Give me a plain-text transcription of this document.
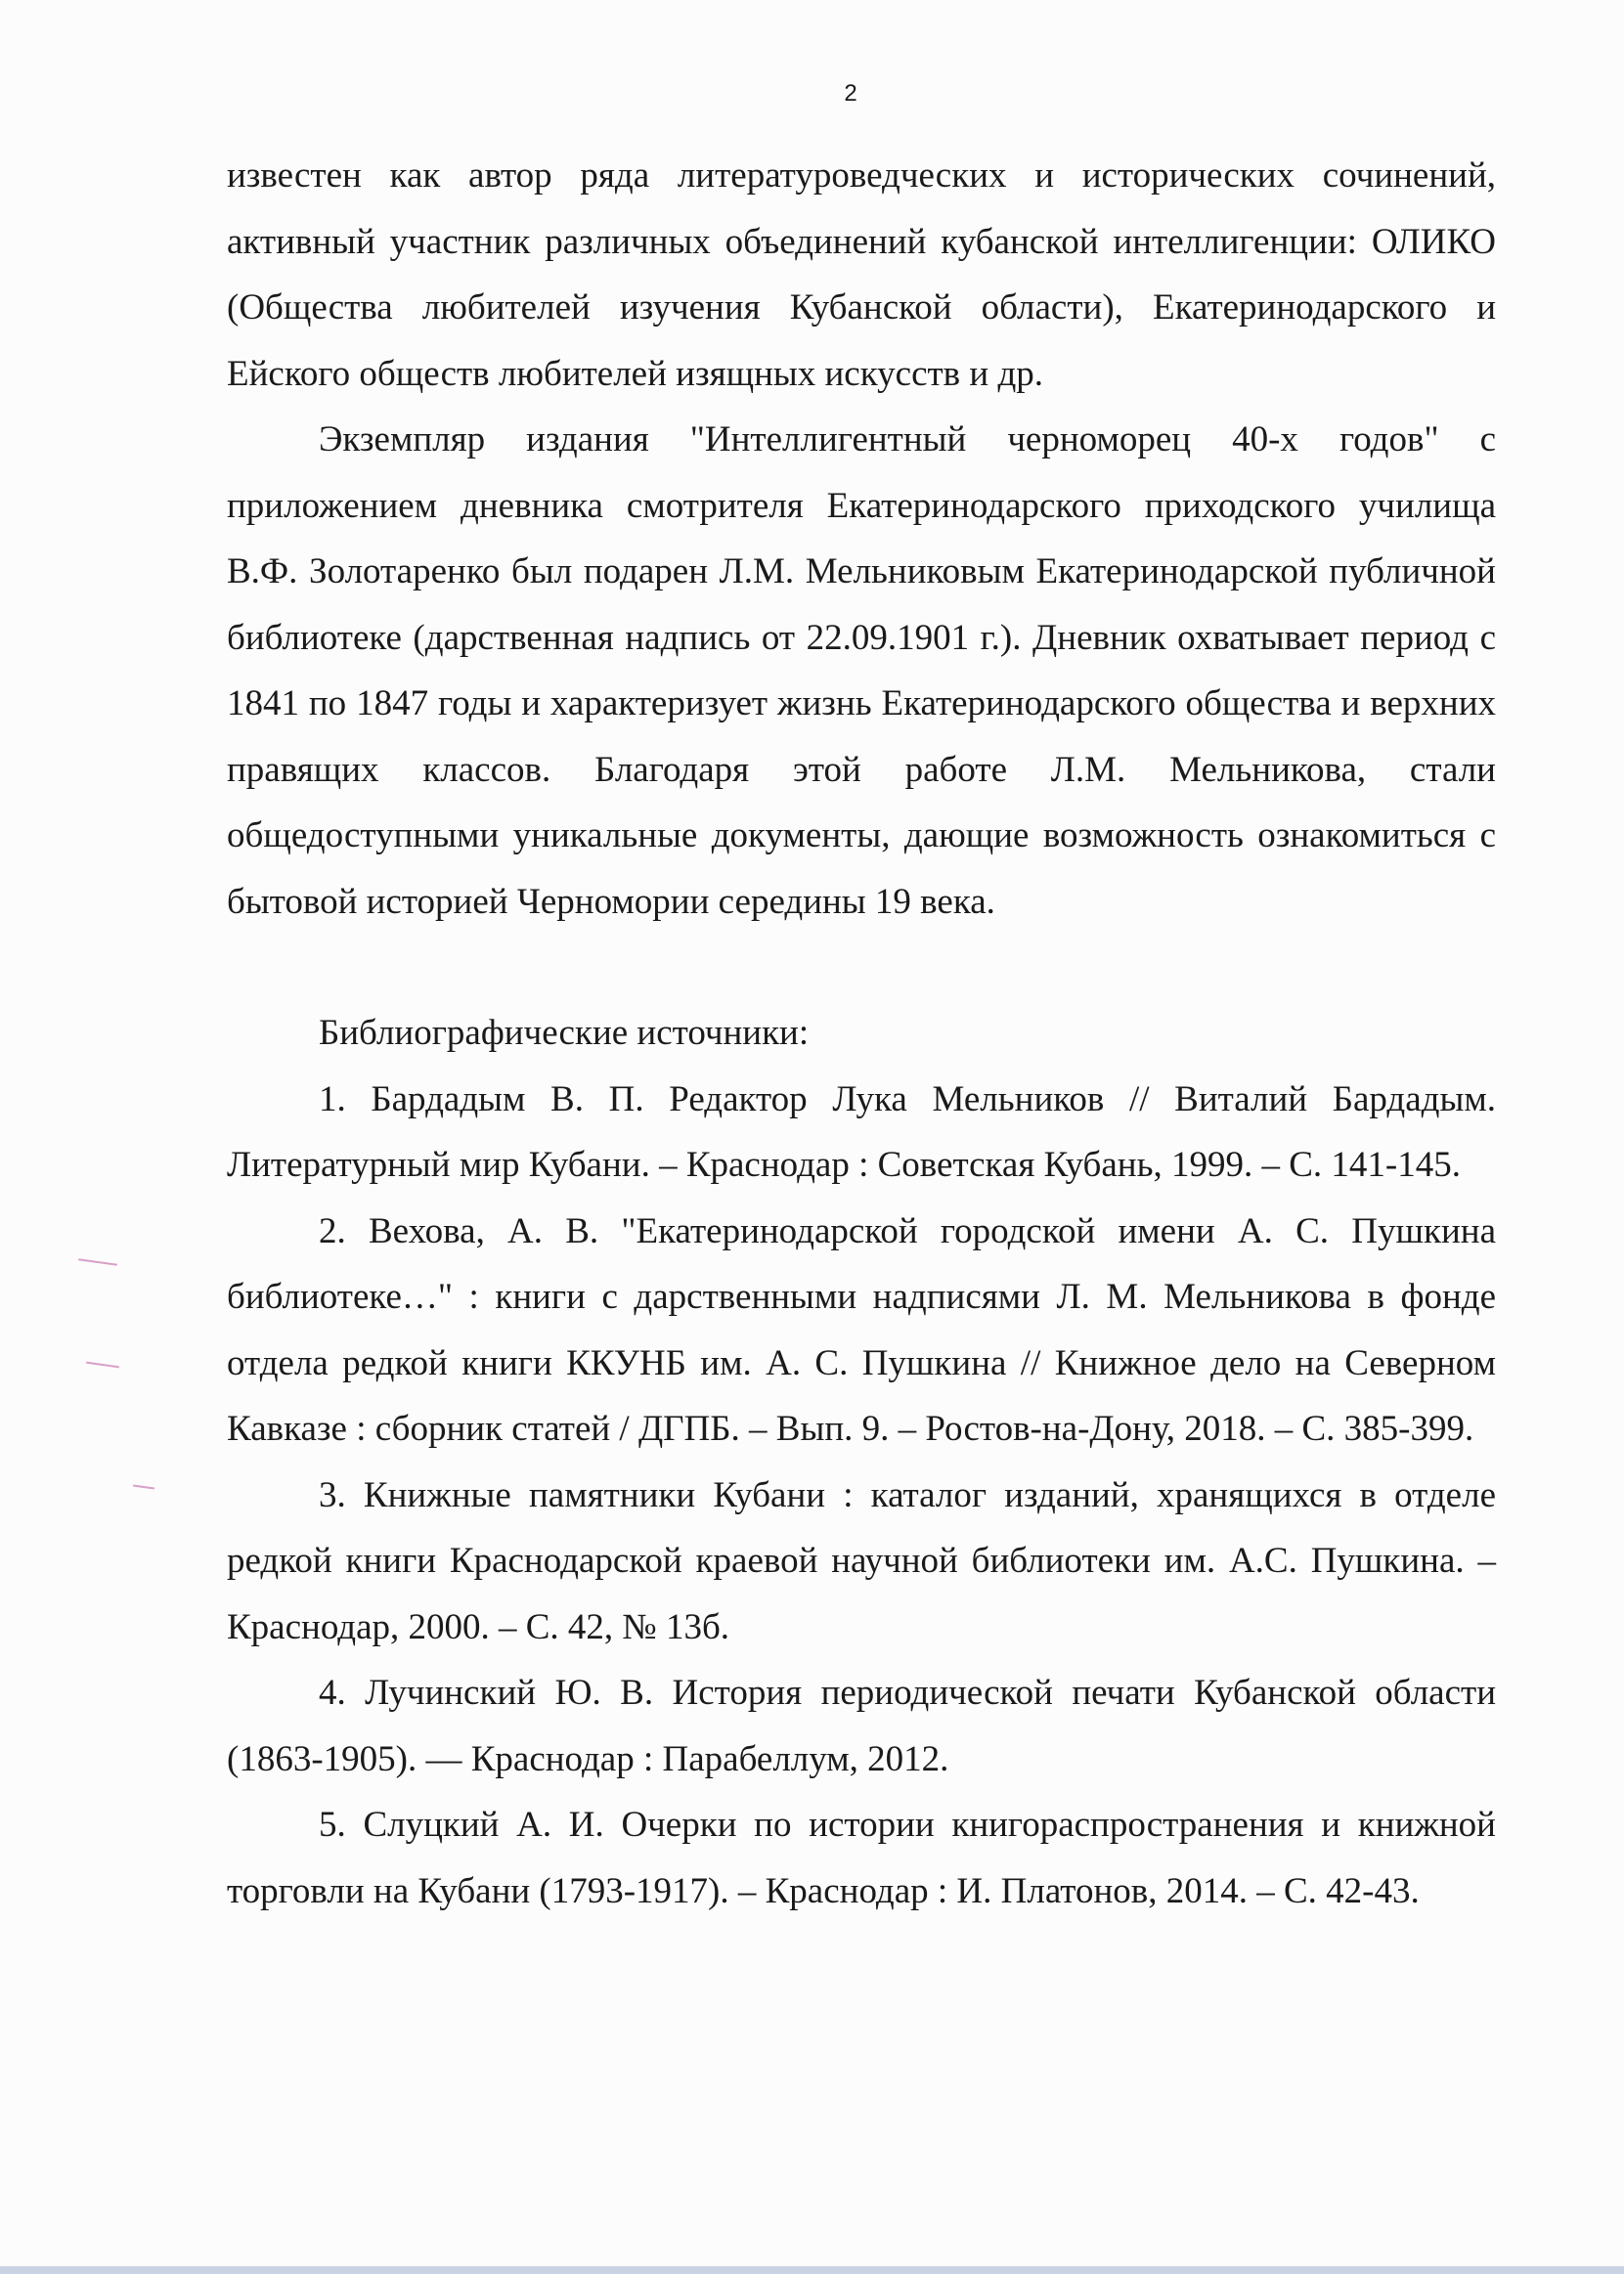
2

известен как автор ряда литературоведческих и исторических сочинений, активный участник различных объединений кубанской интеллигенции: ОЛИКО (Общества любителей изучения Кубанской области), Екатеринодарского и Ейского обществ любителей изящных искусств и др.

Экземпляр издания "Интеллигентный черноморец 40-х годов" с приложением дневника смотрителя Екатеринодарского приходского училища В.Ф. Золотаренко был подарен Л.М. Мельниковым Екатеринодарской публичной библиотеке (дарственная надпись от 22.09.1901 г.). Дневник охватывает период с 1841 по 1847 годы и характеризует жизнь Екатеринодарского общества и верхних правящих классов. Благодаря этой работе Л.М. Мельникова, стали общедоступными уникальные документы, дающие возможность ознакомиться с бытовой историей Черномории середины 19 века.

Библиографические источники:

1. Бардадым В. П. Редактор Лука Мельников // Виталий Бардадым. Литературный мир Кубани. – Краснодар : Советская Кубань, 1999. – С. 141-145.

2. Вехова, А. В. "Екатеринодарской городской имени А. С. Пушкина библиотеке…" : книги с дарственными надписями Л. М. Мельникова в фонде отдела редкой книги ККУНБ им. А. С. Пушкина // Книжное дело на Северном Кавказе : сборник статей / ДГПБ. – Вып. 9. – Ростов-на-Дону, 2018. – С. 385-399.

3. Книжные памятники Кубани : каталог изданий, хранящихся в отделе редкой книги Краснодарской краевой научной библиотеки им. А.С. Пушкина. – Краснодар, 2000. – С. 42, № 13б.

4. Лучинский Ю. В. История периодической печати Кубанской области (1863-1905). — Краснодар : Парабеллум, 2012.

5. Слуцкий А. И. Очерки по истории книгораспространения и книжной торговли на Кубани (1793-1917). – Краснодар : И. Платонов, 2014. – С. 42-43.
